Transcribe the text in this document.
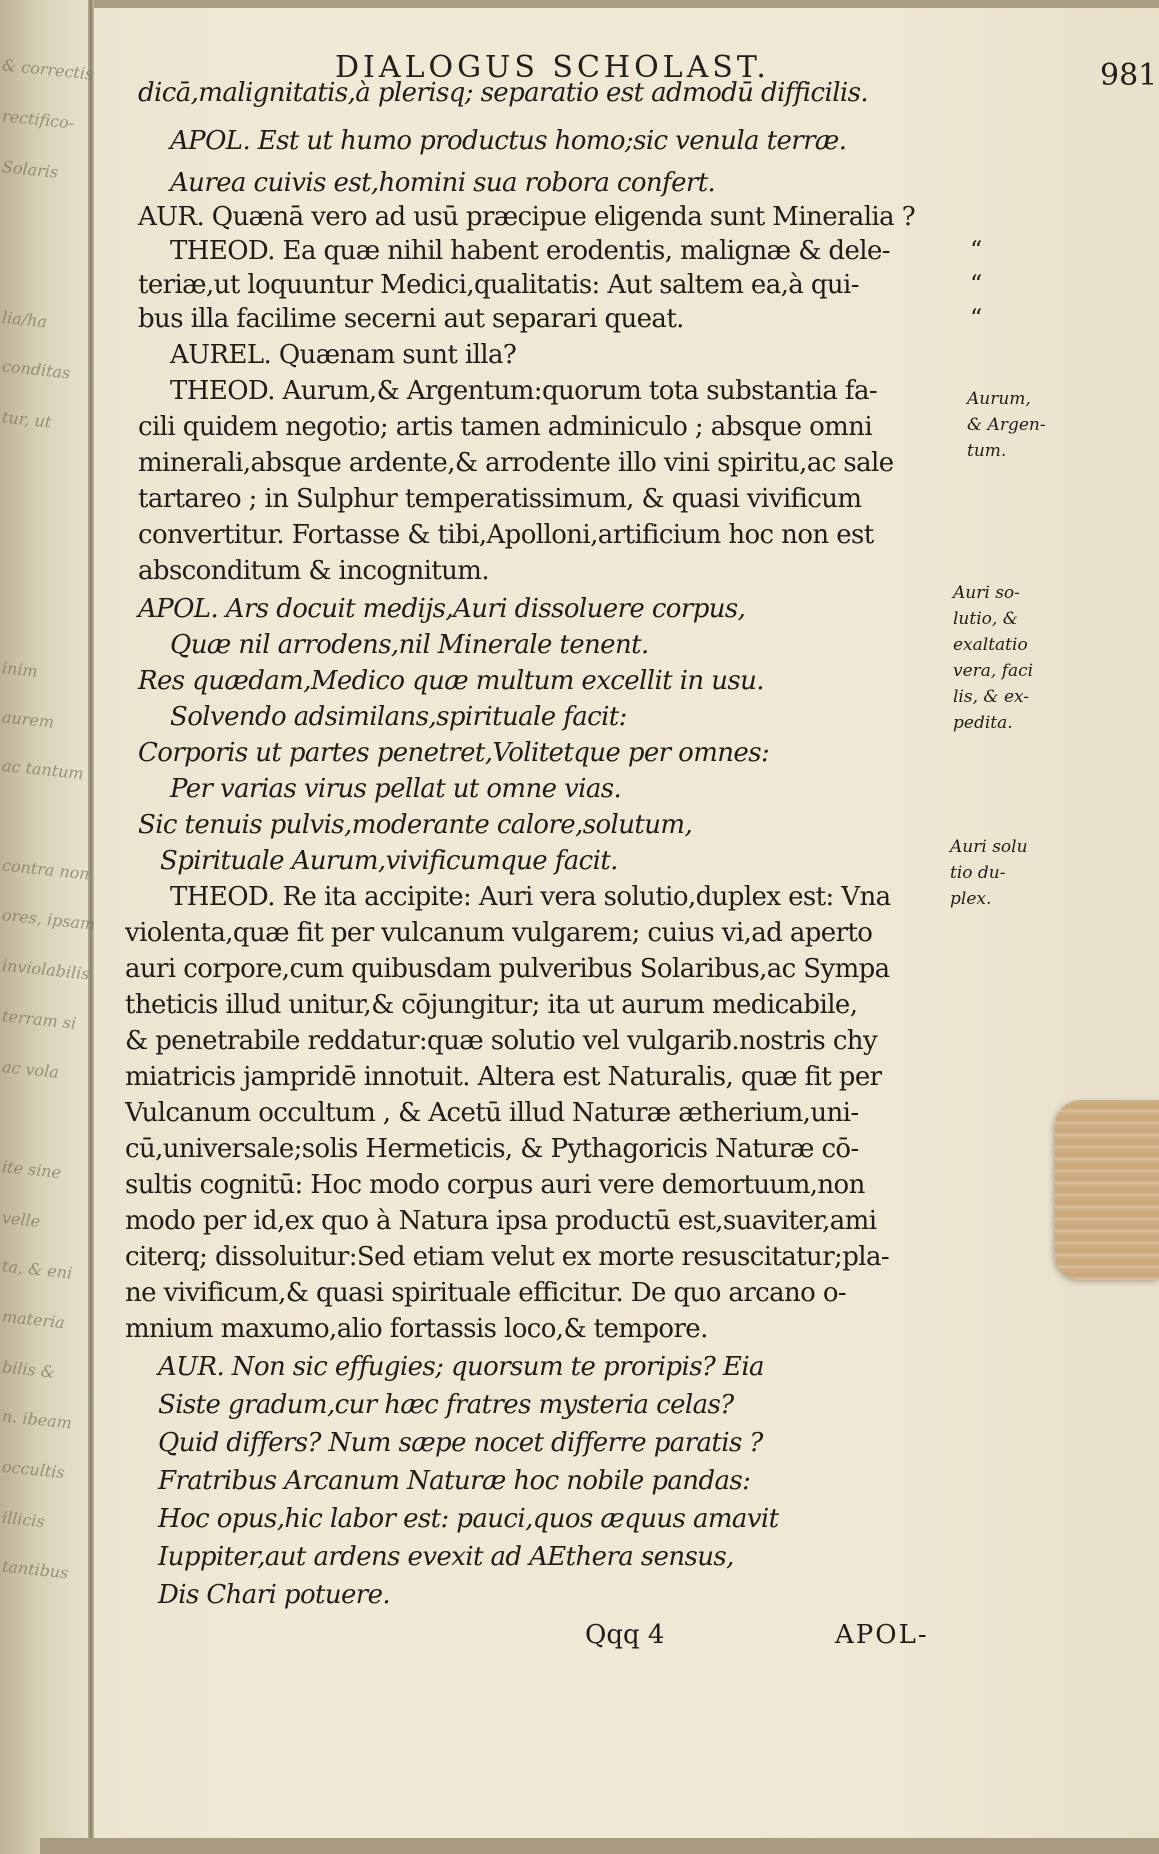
& correctis
rectifico-
Solaris
lia/ha
conditas
tur, ut
inim
aurem
ac tantum
contra non
ores, ipsam
inviolabilis
terram si
ac vola
ite sine
velle
ta, & eni
materia
bilis &
n. ibeam
occultis
illicis
tantibus
DIALOGUS SCHOLAST.	981
dicā,malignitatis,à plerisq; separatio est admodū difficilis.
APOL. Est ut humo productus homo;sic venula terræ.
Aurea cuivis est,homini sua robora confert.
AUR. Quænā vero ad usū præcipue eligenda sunt Mineralia ?
THEOD. Ea quæ nihil habent erodentis, malignæ & dele-
teriæ,ut loquuntur Medici,qualitatis: Aut saltem ea,à qui-
bus illa facilime secerni aut separari queat.
AUREL. Quænam sunt illa?
THEOD. Aurum,& Argentum:quorum tota substantia fa-
cili quidem negotio; artis tamen adminiculo ; absque omni
minerali,absque ardente,& arrodente illo vini spiritu,ac sale
tartareo ; in Sulphur temperatissimum, & quasi vivificum
convertitur. Fortasse & tibi,Apolloni,artificium hoc non est
absconditum & incognitum.
APOL. Ars docuit medijs,Auri dissoluere corpus,
Quæ nil arrodens,nil Minerale tenent.
Res quædam,Medico quæ multum excellit in usu.
Solvendo adsimilans,spirituale facit:
Corporis ut partes penetret,Volitetque per omnes:
Per varias virus pellat ut omne vias.
Sic tenuis pulvis,moderante calore,solutum,
Spirituale Aurum,vivificumque facit.
THEOD. Re ita accipite: Auri vera solutio,duplex est: Vna
violenta,quæ fit per vulcanum vulgarem; cuius vi,ad aperto
auri corpore,cum quibusdam pulveribus Solaribus,ac Sympa
theticis illud unitur,& cōjungitur; ita ut aurum medicabile,
& penetrabile reddatur:quæ solutio vel vulgarib.nostris chy
miatricis jampridē innotuit. Altera est Naturalis, quæ fit per
Vulcanum occultum , & Acetū illud Naturæ ætherium,uni-
cū,universale;solis Hermeticis, & Pythagoricis Naturæ cō-
sultis cognitū: Hoc modo corpus auri vere demortuum,non
modo per id,ex quo à Natura ipsa productū est,suaviter,ami
citerq; dissoluitur:Sed etiam velut ex morte resuscitatur;pla-
ne vivificum,& quasi spirituale efficitur. De quo arcano o-
mnium maxumo,alio fortassis loco,& tempore.
AUR. Non sic effugies; quorsum te proripis? Eia
Siste gradum,cur hæc fratres mysteria celas?
Quid differs? Num sæpe nocet differre paratis ?
Fratribus Arcanum Naturæ hoc nobile pandas:
Hoc opus,hic labor est: pauci,quos æquus amavit
Iuppiter,aut ardens evexit ad AEthera sensus,
Dis Chari potuere.
Aurum,
& Argen-
tum.
Auri so-
lutio, &
exaltatio
vera, faci
lis, & ex-
pedita.
Auri solu
tio du-
plex.
“
“
“
Qqq 4	APOL-
